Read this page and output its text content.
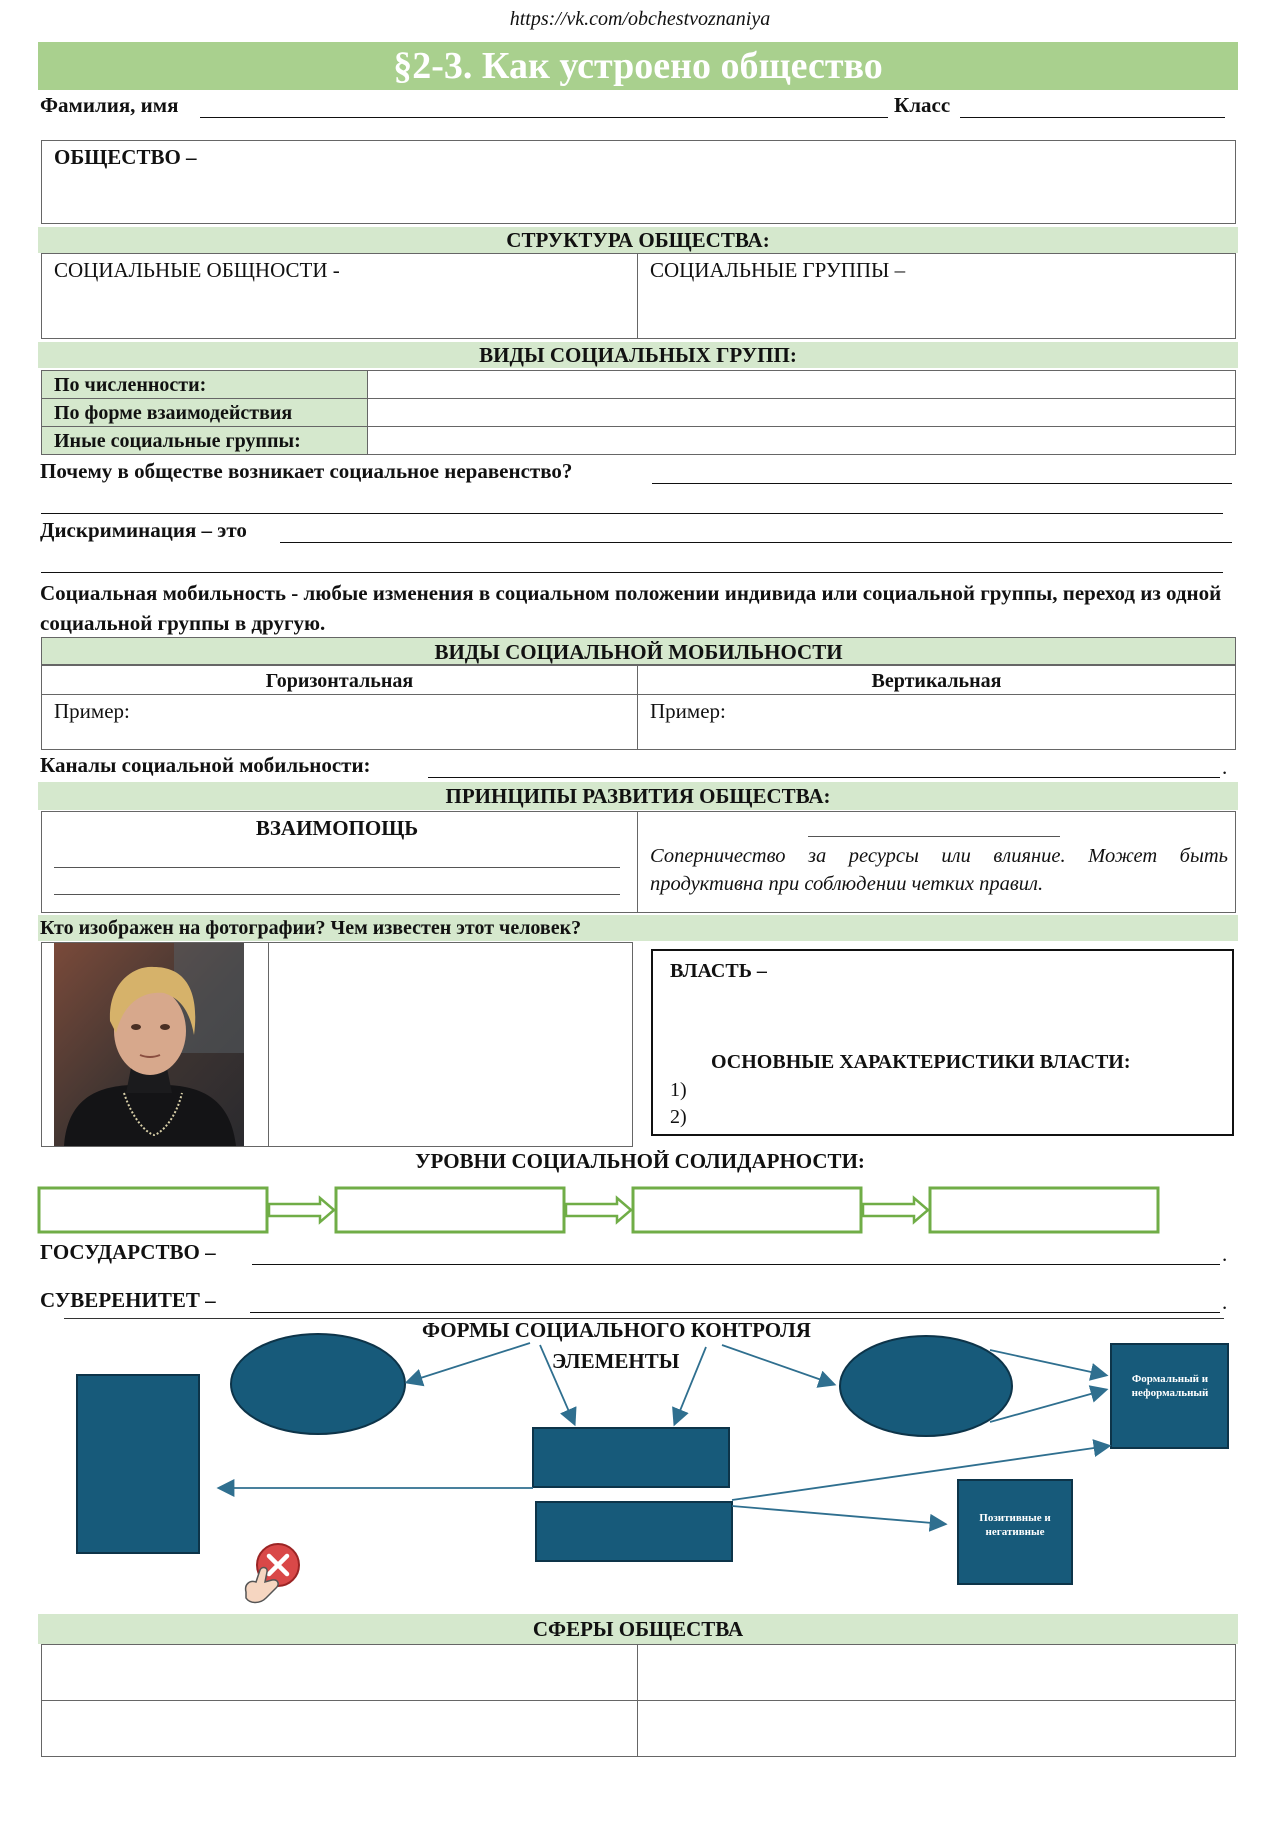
https://vk.com/obchestvoznaniya
§2-3. Как устроено общество
Фамилия, имя	Класс
ОБЩЕСТВО –
СТРУКТУРА ОБЩЕСТВА:
СОЦИАЛЬНЫЕ ОБЩНОСТИ -	СОЦИАЛЬНЫЕ ГРУППЫ –
ВИДЫ СОЦИАЛЬНЫХ ГРУПП:
По численности:
По форме взаимодействия
Иные социальные группы:
Почему в обществе возникает социальное неравенство?
Дискриминация – это
Социальная мобильность - любые изменения в социальном положении индивида или социальной группы, переход из одной социальной группы в другую.
ВИДЫ СОЦИАЛЬНОЙ МОБИЛЬНОСТИ
Горизонтальная	Вертикальная
Пример:	Пример:
Каналы социальной мобильности:	.
ПРИНЦИПЫ РАЗВИТИЯ ОБЩЕСТВА:
ВЗАИМОПОЩЬ
Соперничество за ресурсы или влияние. Может быть продуктивна при соблюдении четких правил.
Кто изображен на фотографии? Чем известен этот человек?
ВЛАСТЬ –
ОСНОВНЫЕ ХАРАКТЕРИСТИКИ ВЛАСТИ:
1)
2)
УРОВНИ СОЦИАЛЬНОЙ СОЛИДАРНОСТИ:
ГОСУДАРСТВО –	.
СУВЕРЕНИТЕТ –	.
ФОРМЫ СОЦИАЛЬНОГО КОНТРОЛЯ
ЭЛЕМЕНТЫ
Формальный и неформальный
Позитивные и негативные
СФЕРЫ ОБЩЕСТВА
